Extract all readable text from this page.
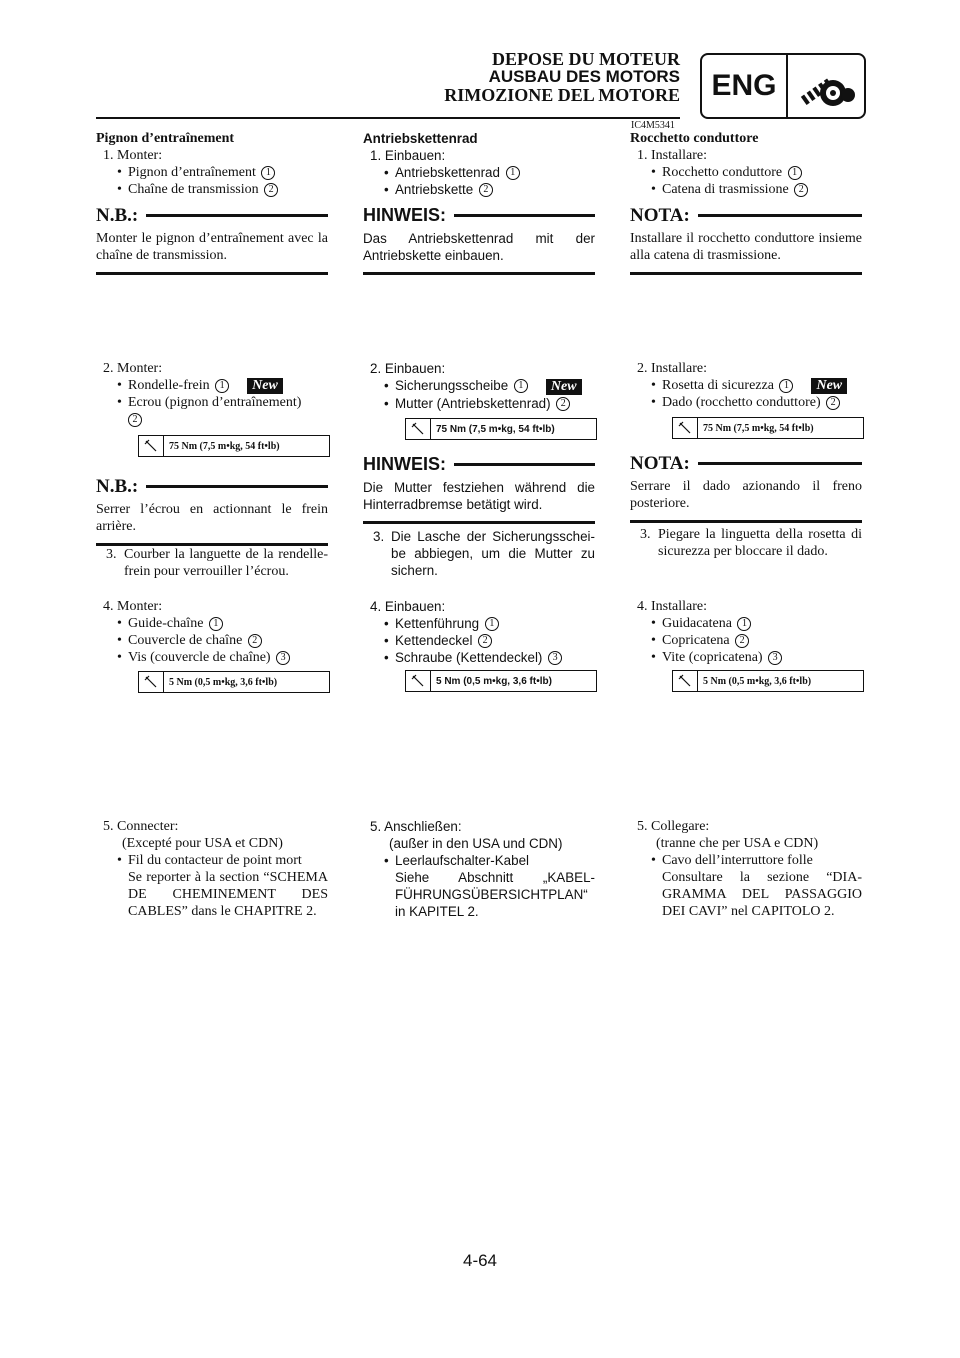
DEPOSE DU MOTEUR
AUSBAU DES MOTORS
RIMOZIONE DEL MOTORE	ENG
IC4M5341
Pignon d’entraînement
1. Monter:
• Pignon d’entraînement 1
• Chaîne de transmission 2
N.B.:
Monter le pignon d’entraînement avec la chaîne de transmission.
2. Monter:
• Rondelle-frein 1 New
• Ecrou (pignon d’entraînement)
2
75 Nm (7,5 m•kg, 54 ft•lb)
N.B.:
Serrer l’écrou en actionnant le frein arrière.
3. Courber la languette de la rendelle-frein pour verrouiller l’écrou.
4. Monter:
• Guide-chaîne 1
• Couvercle de chaîne 2
• Vis (couvercle de chaîne) 3
5 Nm (0,5 m•kg, 3,6 ft•lb)
5. Connecter:
(Excepté pour USA et CDN)
• Fil du contacteur de point mort
Se reporter à la section “SCHEMA DE CHEMINEMENT DES CABLES” dans le CHAPITRE 2.
Antriebskettenrad
1. Einbauen:
• Antriebskettenrad 1
• Antriebskette 2
HINWEIS:
Das Antriebskettenrad mit der Antriebskette einbauen.
2. Einbauen:
• Sicherungsscheibe 1 New
• Mutter (Antriebskettenrad) 2
75 Nm (7,5 m•kg, 54 ft•lb)
HINWEIS:
Die Mutter festziehen während die Hinterradbremse betätigt wird.
3. Die Lasche der Sicherungsscheibe abbiegen, um die Mutter zu sichern.
4. Einbauen:
• Kettenführung 1
• Kettendeckel 2
• Schraube (Kettendeckel) 3
5 Nm (0,5 m•kg, 3,6 ft•lb)
5. Anschließen:
(außer in den USA und CDN)
• Leerlaufschalter-Kabel
Siehe Abschnitt „KABELFÜHRUNGSÜBERSICHTPLAN“ in KAPITEL 2.
Rocchetto conduttore
1. Installare:
• Rocchetto conduttore 1
• Catena di trasmissione 2
NOTA:
Installare il rocchetto conduttore insieme alla catena di trasmissione.
2. Installare:
• Rosetta di sicurezza 1 New
• Dado (rocchetto conduttore) 2
75 Nm (7,5 m•kg, 54 ft•lb)
NOTA:
Serrare il dado azionando il freno posteriore.
3. Piegare la linguetta della rosetta di sicurezza per bloccare il dado.
4. Installare:
• Guidacatena 1
• Copricatena 2
• Vite (copricatena) 3
5 Nm (0,5 m•kg, 3,6 ft•lb)
5. Collegare:
(tranne che per USA e CDN)
• Cavo dell’interruttore folle
Consultare la sezione “DIAGRAMMA DEL PASSAGGIO DEI CAVI” nel CAPITOLO 2.
4-64
